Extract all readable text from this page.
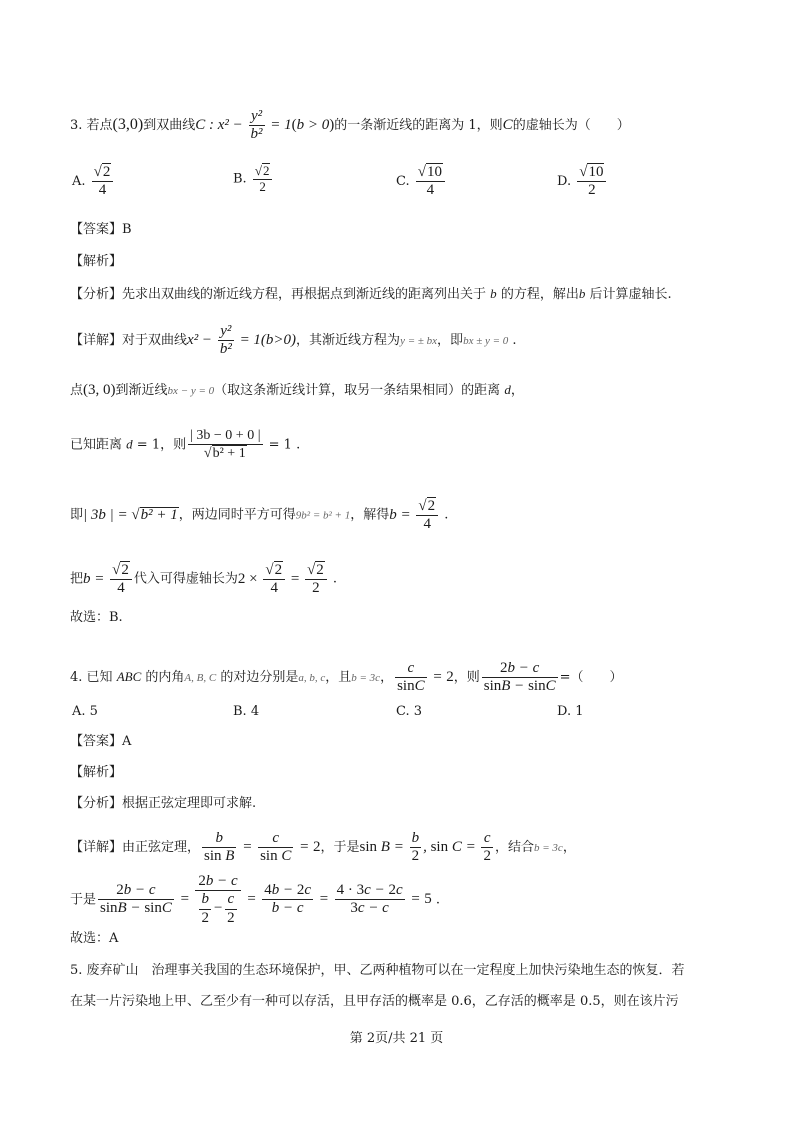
3. 若点(3,0)到双曲线C : $x^2 - \frac{\text{y²}}{\text{b²}} = 1(b > 0)$的一条渐近线的距离为 1，则C的虚轴长为（　　）
A. $\frac{√2}{4}$	B. $\frac{√2}{2}$	C. $\frac{√10}{4}$	D. $\frac{√10}{2}$
【答案】B
【解析】
【分析】先求出双曲线的渐近线方程，再根据点到渐近线的距离列出关于 b 的方程，解出b 后计算虚轴长.
【详解】对于双曲线$x^2 - \frac{\text{y²}}{\text{b²}} = 1(b>0)$，其渐近线方程为y = ± bx，即bx ± y = 0 .
点(3, 0)到渐近线bx − y = 0（取这条渐近线计算，取另一条结果相同）的距离 d，
已知距离 d = 1，则 $\frac{| 3b - 0 + 0 |}{\text{√b² + 1}} = 1$ .
即| 3b | = √b² + 1，两边同时平方可得9b² = b² + 1，解得$b = \frac{√2}{4}$ .
把$b = \frac{√2}{4}$ 代入可得虚轴长为$2 \times \frac{√2}{4} = \frac{√2}{2}$ .
故选：B.
4. 已知 ABC 的内角A, B, C 的对边分别是a, b, c，且b = 3c， $\frac{c}{\sin C} = 2$，则 $\frac{2b - c}{\sin B - \sin C}$ =（　　）
A. 5	B. 4	C. 3	D. 1
【答案】A
【解析】
【分析】根据正弦定理即可求解.
【详解】由正弦定理， $\frac{b}{\text{sin B}} = \frac{c}{\text{sin C}} = 2$，于是$\sin B = \frac{b}{2}$ , $\sin C = \frac{c}{2}$ ，结合b = 3c，
于是 $\frac{2b - c}{\sin B - \sin C} = \frac{2b - c}{\frac{b}{2} - \frac{c}{2}} = \frac{4b - 2c}{b - c} = \frac{4 \cdot 3c - 2c}{3c - c} = 5$ .
故选：A
5. 废弃矿山　治理事关我国的生态环境保护，甲、乙两种植物可以在一定程度上加快污染地生态的恢复．若
在某一片污染地上甲、乙至少有一种可以存活，且甲存活的概率是 0.6，乙存活的概率是 0.5，则在该片污
第 2页/共 21 页
